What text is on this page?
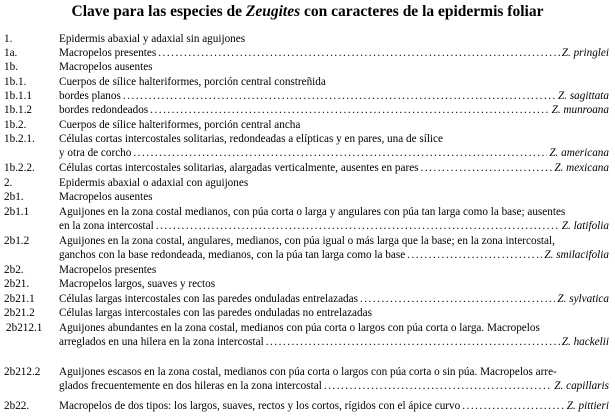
Clave para las especies de Zeugites con caracteres de la epidermis foliar
1.	Epidermis abaxial y adaxial sin aguijones
1a.	Macropelos presentes .....	Z. pringlei
1b.	Macropelos ausentes
1b.1.	Cuerpos de sílice halteriformes, porción central constreñida
1b.1.1 bordes planos .....	Z. sagittata
1b.1.2 bordes redondeados .....	Z. munroana
1b.2.	Cuerpos de sílice halteriformes, porción central ancha
1b.2.1. Células cortas intercostales solitarias, redondeadas a elípticas y en pares, una de sílice
y otra de corcho .....	Z. americana
1b.2.2. Células cortas intercostales solitarias, alargadas verticalmente, ausentes en pares .....	Z. mexicana
2.	Epidermis abaxial o adaxial con aguijones
2b1.	Macropelos ausentes
2b1.1	Aguijones en la zona costal medianos, con púa corta o larga y angulares con púa tan larga como la base; ausentes
en la zona intercostal .....	Z. latifolia
2b1.2	Aguijones en la zona costal, angulares, medianos, con púa igual o más larga que la base; en la zona intercostal,
ganchos con la base redondeada, medianos, con la púa tan larga como la base .....	Z. smilacifolia
2b2.	Macropelos presentes
2b21.	Macropelos largos, suaves y rectos
2b21.1 Células largas intercostales con las paredes onduladas entrelazadas .....	Z. sylvatica
2b21.2 Células largas intercostales con las paredes onduladas no entrelazadas
2b212.1 Aguijones abundantes en la zona costal, medianos con púa corta o largos con púa corta o larga. Macropelos
arreglados en una hilera en la zona intercostal .....	Z. hackelii
2b212.2 Aguijones escasos en la zona costal, medianos con púa corta o largos con púa corta o sin púa. Macropelos arre-
glados frecuentemente en dos hileras en la zona intercostal .....	Z. capillaris
2b22.	Macropelos de dos tipos: los largos, suaves, rectos y los cortos, rígidos con el ápice curvo .....	Z. pittieri
